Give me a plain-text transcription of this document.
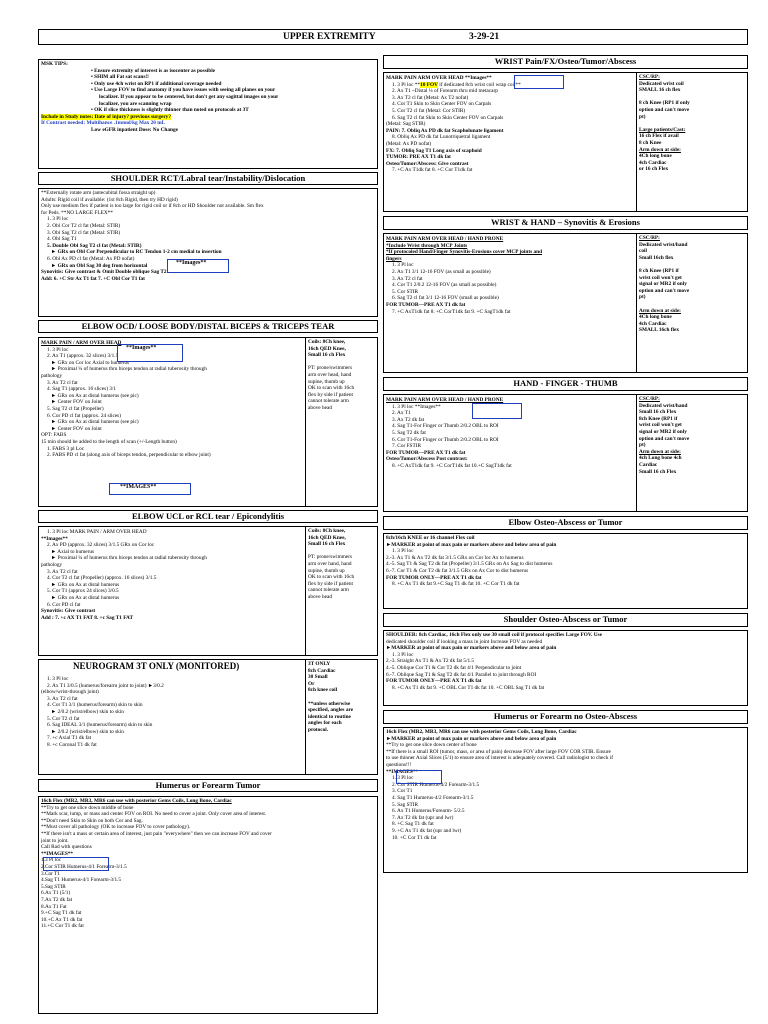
UPPER EXTREMITY	3-29-21
MSK TIPS:
• Ensure extremity of interest is as isocenter as possible
• SHIM all Fat sat scans!!
• Only use 4ch wrist on RP1 if additional coverage needed
• Use Large FOV to find anatomy if you have issues with seeing all planes on your
localizer. If you appear to be centered, but don't get any sagittal images on your
localizer, you are scanning wrap
• OK if slice thickness is slightly thinner than noted on protocols at 3T
Include in Study notes: Date of injury? previous surgery?
If Contrast needed: Multihance .1mmol/kg Max 20 mL
Low eGFR inpatient Dose: No Change
SHOULDER RCT/Labral tear/Instability/Dislocation
**Externally rotate arm (antecubital fossa straight up)
Adults: Rigid coil if available: (1st 8ch Rigid, then try HD rigid)
Only use medium flex if patient is too large for rigid coil or if 8ch or HD Shoulder not available. Sm flex
for Peds. **NO LARGE FLEX**
1. 3 Pl loc
2. Obl Cor T2 cl fat (Metal: STIR)
3. Obl Sag T2 cl fat (Metal: STIR)
4. Obl Sag T1
5. Double Obl Sag T2 cl fat (Metal: STIR)
► GRx on Obl Cor Perpendicular to RC Tendon 1-2 cm medial to insertion
6. Obl Ax PD cl fat (Metal: Ax PD nofat)
► GRx on Obl Sag 30 deg from horizontal
Synovitis: Give contrast & Omit Double oblique Sag T2
Add: 6. +C Str Ax T1 fat 7. +C Obl Cor T1 fat
**Images**
ELBOW OCD/ LOOSE BODY/DISTAL BICEPS & TRICEPS TEAR
MARK PAIN / ARM OVER HEAD
1. 3 Pl loc
2. Ax T1 (approx. 32 slices) 3/1.5
► GRx on Cor loc Axial to humerus
► Proximal ¼ of humerus thru biceps tendon at radial tuberosity through
pathology
3. Ax T2 cl fat
4. Sag T1 (approx. 16 slices) 3/1
► GRx on Ax at distal humerus (see pic)
► Center FOV on Joint
5. Sag T2 cl fat (Propeller)
6. Cor PD cl fat (approx. 24 slices)
► GRx on Ax at distal humerus (see pic)
► Center FOV on Joint
OPT: FABS
15 min should be added to the length of scan (+/-Length button)
1. FABS 3 pl Loc
2. FABS PD cl fat (along axis of biceps tendon, perpendicular to elbow joint)
Coils: 8Ch knee,
16ch QED Knee,
Small 16 ch Flex

PT: prone/swimmers
arm over head, hand
supine, thumb up
OK to scan with 16ch
flex by side if patient
cannot tolerate arm
above head
**Images**
**IMAGES**
ELBOW UCL or RCL tear / Epicondylitis
1. 3 Pl loc MARK PAIN / ARM OVER HEAD
**Images**
2. Ax PD (approx. 32 slices) 3/1.5 GRx on Cor loc
► Axial to humerus
► Proximal ¼ of humerus thru biceps tendon at radial tuberosity through
pathology
3. Ax T2 cl fat
4. Cor T2 cl fat (Propeller) (approx. 16 slices) 3/1.5
► GRx on Ax at distal humerus
5. Cor T1 (approx 24 slices) 3/0.5
► GRx on Ax at distal humerus
6. Cor PD cl fat
Synovitis: Give contrast
Add : 7. +c AX T1 FAT 8. +c Sag T1 FAT
Coils: 8Ch knee,
16ch QED Knee,
Small 16 ch Flex

PT: prone/swimmers
arm over hand, hand
supine, thumb up
OK to scan with 16ch
flex by side if patient
cannot tolerate arm
above head
NEUROGRAM 3T ONLY (MONITORED)
1. 3 Pl loc
2. Ax T1 3/0.5 (humerus/forearm joint to joint) ►3/0.2
(elbow/wrist-through joint)
3. Ax T2 cl fat
4. Cor T1 3/1 (humerus/forearm) skin to skin
► 2/0.2 (wrist/elbow) skin to skin
5. Cor T2 cl fat
6. Sag IDEAL 3/1 (humerus/forearm) skin to skin
► 2/0.2 (wrist/elbow) skin to skin
7. +c Axial T1 dk fat
8. +c Coronal T1 dk fat
3T ONLY
8ch Cardiac
30 Small
Or
8ch knee coil

**unless otherwise
specified, angles are
identical to routine
angles for each
protocol.
Humerus or Forearm Tumor
16ch Flex (MR2, MR3, MR6 can use with posterior Gems Coils, Long Bone, Cardiac
**Try to get one slice down middle of bone
**Mark scar, lump, or mass and center FOV on ROI. No need to cover a joint. Only cover area of interest.
**Don't need Skin to Skin on both Cor and Sag.
**Must cover all pathology (OK to increase FOV to cover pathology).
**If there isn't a mass or certain area of interest, just pain "everywhere" then we can increase FOV and cover
joint to joint.
Call Rad with questions
**IMAGES**
1.3 Pl loc
2.Cor STIR Humerus-4/1 Forearm-3/1.5
3.Cor T1
4.Sag T1 Humerus-4/1 Forearm-3/1.5
5.Sag STIR
6.Ax T1 (5/1)
7.Ax T2 dk fat
8.Ax T1 Fat
9.+C Sag T1 dk fat
10.+C Ax T1 dk fat
11.+C Cor T1 dk fat
WRIST Pain/FX/Osteo/Tumor/Abscess
MARK PAIN ARM OVER HEAD **Images**
1. 3 Pl loc **10 FOV if dedicated 8ch wrist coil wrap coil**
2. Ax T1 ~Distal ¼ of Forearm thru mid metacarp
3. Ax T2 cl fat (Metal: Ax T2 nofat)
4. Cor T1 Skin to Skin Center FOV on Carpals
5. Cor T2 cl fat (Metal: Cor STIR)
6. Sag T2 cl fat Skin to Skin Center FOV on Carpals
(Metal: Sag STIR)
PAIN: 7. Obliq Ax PD dk fat Scapholunate ligament
8. Obliq Ax PD dk fat Lunotriquetral ligament
(Metal: Ax PD nofat)
FX: 7. Obliq Sag T1 Long axis of scaphoid
TUMOR: PRE AX T1 dk fat
Osteo/Tumor/Abscess: Give contrast
7. +C Ax T1dk fat 8. +C Cor T1dk fat
CSC/RP:
Dedicated wrist coil
SMALL 16 ch flex

8 ch Knee (RP1 if only
option and can't move
pt)

Large patients/Cast:
16 ch Flex if avail
8 ch Knee
Arm down at side:
4Ch long bone
4ch Cardiac
or 16 ch Flex
WRIST & HAND – Synovitis & Erosions
MARK PAIN ARM OVER HEAD / HAND PRONE
*Include Wrist through MCP Joints
*If protocoled Hand/Finger Synovitis-Erosions cover MCP joints and
fingers
1. 3 Pl loc
2. Ax T1 3/1 12-16 FOV (as small as possible)
3. Ax T2 cl fat
4. Cor T1 2/0.2 12-16 FOV (as small as possible)
5. Cor STIR
6. Sag T2 cl fat 3/1 12-16 FOV (small as possible)
FOR TUMOR—PRE AX T1 dk fat
7. +C AxT1dk fat 8. +C CorT1dk fat 9. +C SagT1dk fat
CSC/RP:
Dedicated wrist/hand
coil
Small 16ch flex

8 ch Knee (RP1 if
wrist coil won't get
signal or MR2 if only
option and can't move
pt)

Arm down at side:
4Ch long bone
4ch Cardiac
SMALL 16ch flex
HAND - FINGER - THUMB
MARK PAIN ARM OVER HEAD / HAND PRONE
1. 3 Pl loc **Images**
2. Ax T1
3. Ax T2 dk fat
4. Sag T1-For Finger or Thumb 2/0.2 OBL to ROI
5. Sag T2 dk fat
6. Cor T1-For Finger or Thumb 2/0.2 OBL to ROI
7. Cor FSTIR
FOR TUMOR—PRE AX T1 dk fat
Osteo/Tumor/Abscess Post contrast:
8. +C AxT1dk fat 9. +C CorT1dk fat 10.+C SagT1dk fat
CSC/RP:
Dedicated wrist/hand
Small 16 ch Flex
8ch Knee (RP1 if
wrist coil won't get
signal or MR2 if only
option and can't move
pt)
Arm down at side:
4ch Long bone 4ch
Cardiac
Small 16 ch Flex
Elbow Osteo-Abscess or Tumor
8ch/16ch KNEE or 16 channel Flex coil
►MARKER at point of max pain or markers above and below area of pain
1. 3 Pl loc
2.-3. Ax T1 & Ax T2 dk fat 3/1.5 GRx on Cor loc Ax to humerus
4.-5. Sag T1 & Sag T2 dk fat (Propeller) 3/1.5 GRx on Ax Sag to dist humerus
6.-7. Cor T1 & Cor T2 dk fat 3/1.5 GRx on Ax Cor to dist humerus
FOR TUMOR ONLY—PRE AX T1 dk fat
8. +C Ax T1 dk fat 9.+C Sag T1 dk fat 10. +C Cor T1 dk fat
Shoulder Osteo-Abscess or Tumor
SHOULDER: 8ch Cardiac, 16ch Flex only use 30 small coil if protocol specifies Large FOV. Use
dedicated shoulder coil if looking a mass in joint Increase FOV as needed
►MARKER at point of max pain or markers above and below area of pain
1. 3 Pl loc
2.-3. Straight Ax T1 & Ax T2 dk fat 5/1.5
4.-5. Oblique Cor T1 & Cor T2 dk fat 4/1 Perpendicular to joint
6.-7. Oblique Sag T1 & Sag T2 dk fat 4/1 Parallel to joint through ROI
FOR TUMOR ONLY—PRE AX T1 dk fat
8. +C Ax T1 dk fat 9. +C OBL Cor T1 dk fat 10. +C OBL Sag T1 dk fat
Humerus or Forearm no Osteo-Abscess
16ch Flex (MR2, MR3, MR6 can use with posterior Gems Coils, Long Bone, Cardiac
►MARKER at point of max pain or markers above and below area of pain
**Try to get one slice down center of bone
**If there is a small ROI (tumor, mass, or area of pain) decrease FOV after large FOV COR STIR. Ensure
to use thinner Axial Slices (5/1) to ensure area of interest is adequately covered. Call radiologist to check if
questions!!!
**IMAGES**
1. 3 Pl loc
2. Cor STIR Humerus-4/2 Forearm-3/1.5
3. Cor T1
4. Sag T1 Humerus-4/2 Forearm-3/1.5
5. Sag STIR
6. Ax T1 Humerus/Forearm- 5/2.5
7. Ax T2 dk fat (upr and lwr)
8. +C Sag T1 dk fat
9. +C Ax T1 dk fat (upr and lwr)
10. +C Cor T1 dk fat
